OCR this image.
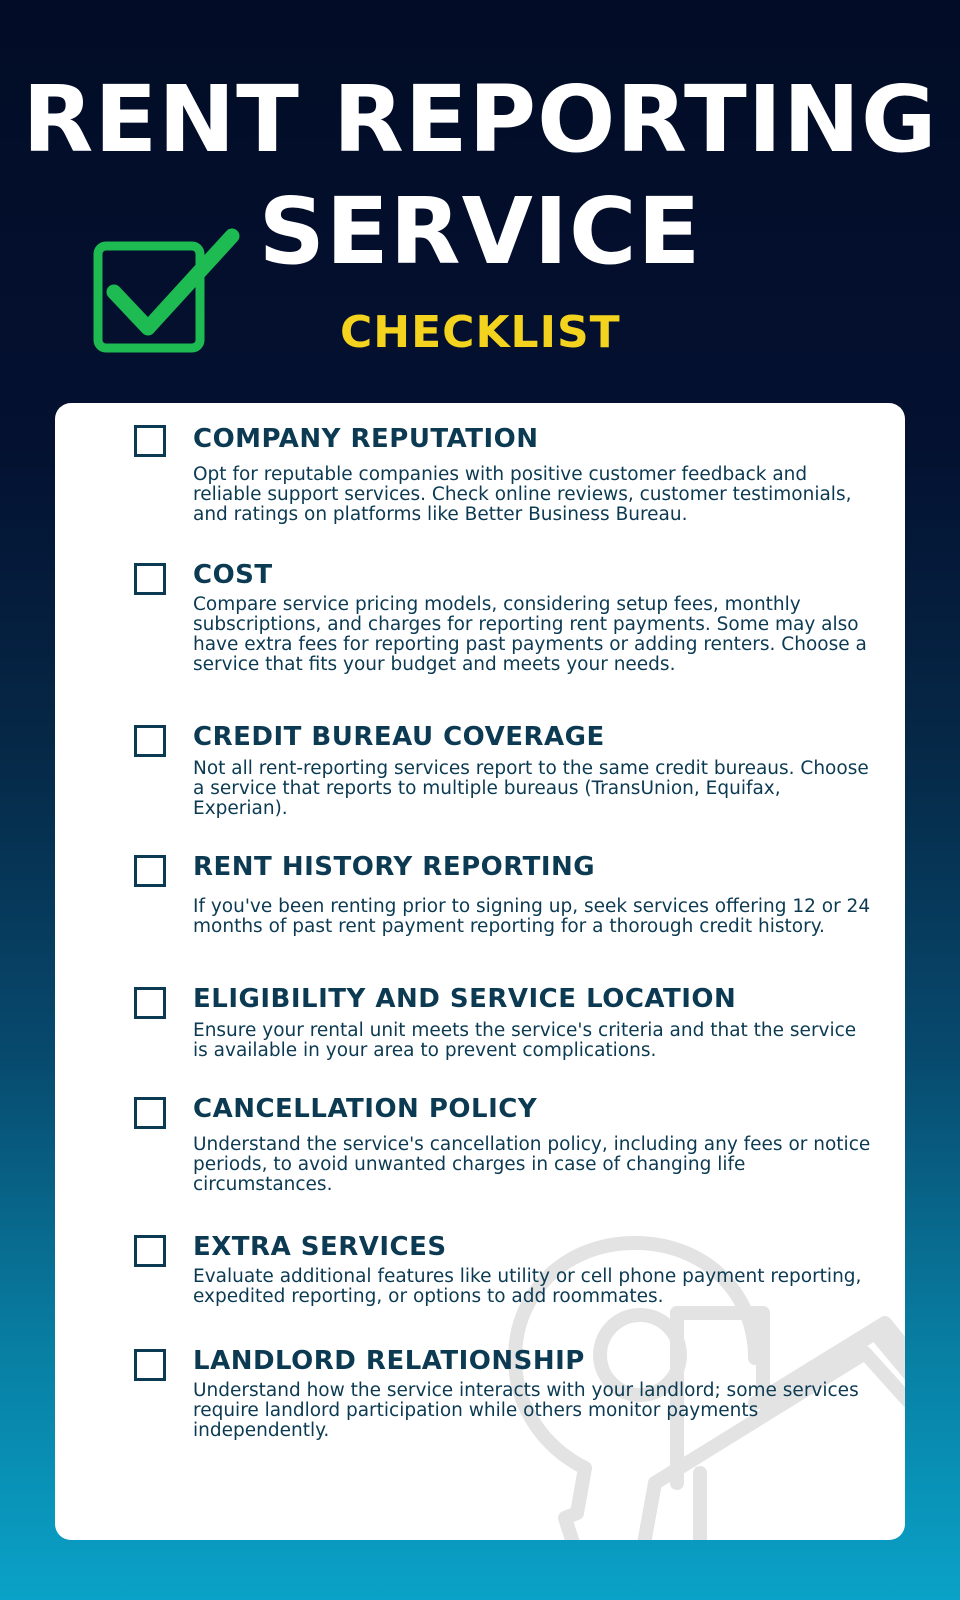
RENT REPORTING
SERVICE
CHECKLIST
COMPANY REPUTATION

Opt for reputable companies with positive customer feedback and reliable support services. Check online reviews, customer testimonials, and ratings on platforms like Better Business Bureau.

COST

Compare service pricing models, considering setup fees, monthly subscriptions, and charges for reporting rent payments. Some may also have extra fees for reporting past payments or adding renters. Choose a service that fits your budget and meets your needs.

CREDIT BUREAU COVERAGE

Not all rent-reporting services report to the same credit bureaus. Choose a service that reports to multiple bureaus (TransUnion, Equifax, Experian).

RENT HISTORY REPORTING

If you've been renting prior to signing up, seek services offering 12 or 24 months of past rent payment reporting for a thorough credit history.

ELIGIBILITY AND SERVICE LOCATION

Ensure your rental unit meets the service's criteria and that the service is available in your area to prevent complications.

CANCELLATION POLICY

Understand the service's cancellation policy, including any fees or notice periods, to avoid unwanted charges in case of changing life circumstances.

EXTRA SERVICES

Evaluate additional features like utility or cell phone payment reporting, expedited reporting, or options to add roommates.

LANDLORD RELATIONSHIP

Understand how the service interacts with your landlord; some services require landlord participation while others monitor payments independently.
